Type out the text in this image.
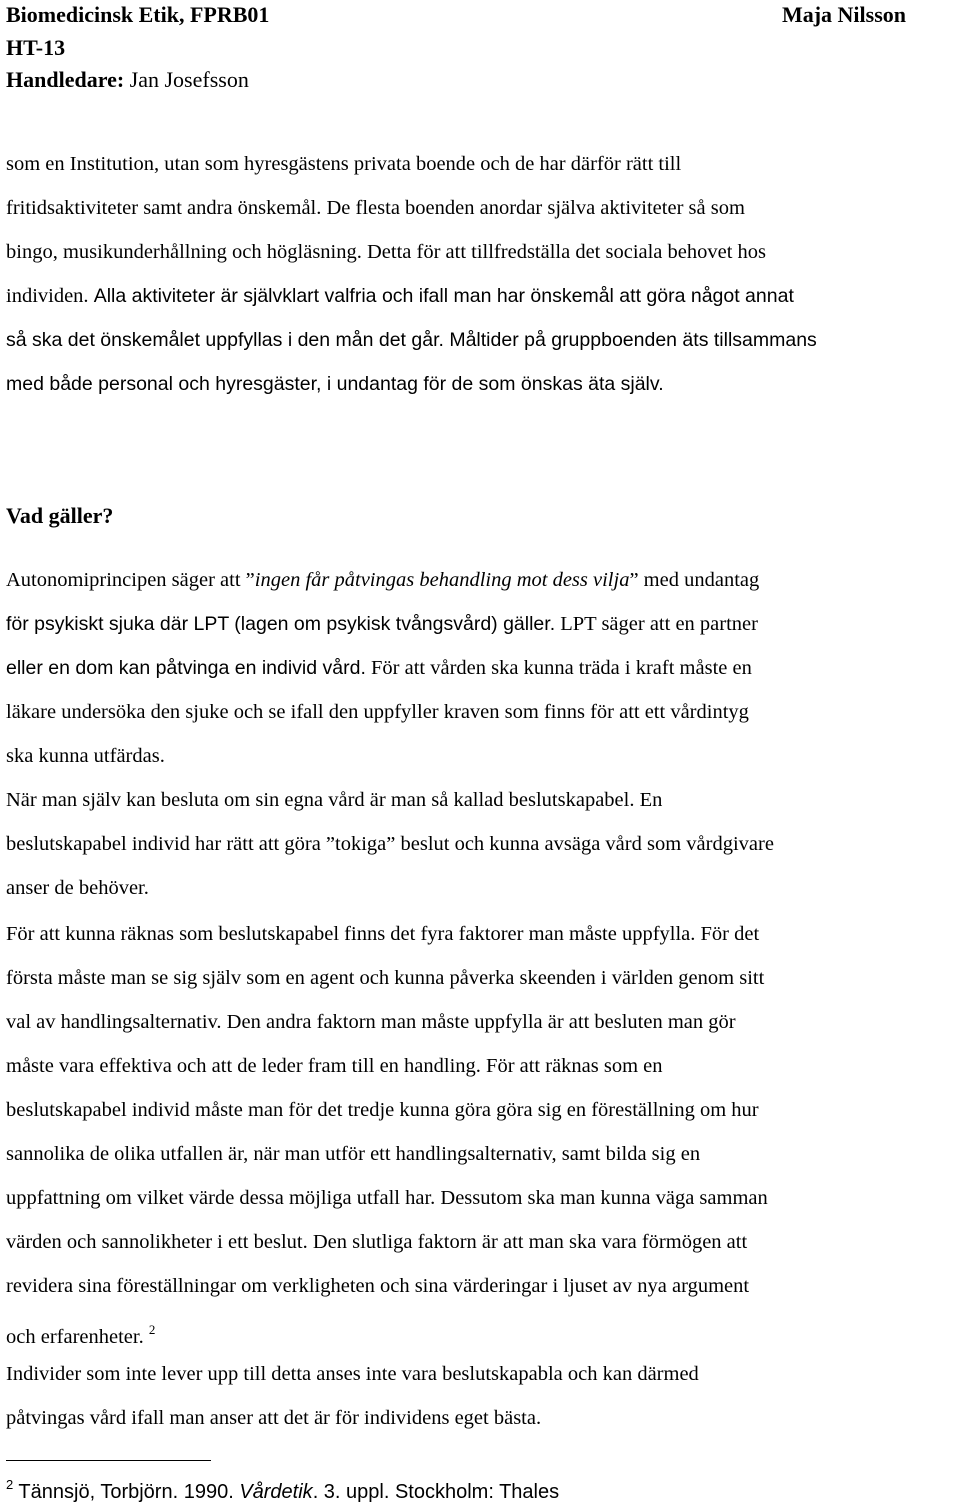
Biomedicinsk Etik, FPRB01	Maja Nilsson
HT-13
Handledare: Jan Josefsson
som en Institution, utan som hyresgästens privata boende och de har därför rätt till
fritidsaktiviteter samt andra önskemål. De flesta boenden anordar själva aktiviteter så som
bingo, musikunderhållning och högläsning. Detta för att tillfredställa det sociala behovet hos
individen. Alla aktiviteter är självklart valfria och ifall man har önskemål att göra något annat
så ska det önskemålet uppfyllas i den mån det går. Måltider på gruppboenden äts tillsammans
med både personal och hyresgäster, i undantag för de som önskas äta själv.
Vad gäller?
Autonomiprincipen säger att ”ingen får påtvingas behandling mot dess vilja” med undantag
för psykiskt sjuka där LPT (lagen om psykisk tvångsvård) gäller. LPT säger att en partner
eller en dom kan påtvinga en individ vård. För att vården ska kunna träda i kraft måste en
läkare undersöka den sjuke och se ifall den uppfyller kraven som finns för att ett vårdintyg
ska kunna utfärdas.
När man själv kan besluta om sin egna vård är man så kallad beslutskapabel. En
beslutskapabel individ har rätt att göra ”tokiga” beslut och kunna avsäga vård som vårdgivare
anser de behöver.
För att kunna räknas som beslutskapabel finns det fyra faktorer man måste uppfylla. För det
första måste man se sig själv som en agent och kunna påverka skeenden i världen genom sitt
val av handlingsalternativ. Den andra faktorn man måste uppfylla är att besluten man gör
måste vara effektiva och att de leder fram till en handling. För att räknas som en
beslutskapabel individ måste man för det tredje kunna göra göra sig en föreställning om hur
sannolika de olika utfallen är, när man utför ett handlingsalternativ, samt bilda sig en
uppfattning om vilket värde dessa möjliga utfall har. Dessutom ska man kunna väga samman
värden och sannolikheter i ett beslut. Den slutliga faktorn är att man ska vara förmögen att
revidera sina föreställningar om verkligheten och sina värderingar i ljuset av nya argument
och erfarenheter. $^2$
Individer som inte lever upp till detta anses inte vara beslutskapabla och kan därmed
påtvingas vård ifall man anser att det är för individens eget bästa.
$^2$ Tännsjö, Torbjörn. 1990. Vårdetik. 3. uppl. Stockholm: Thales
